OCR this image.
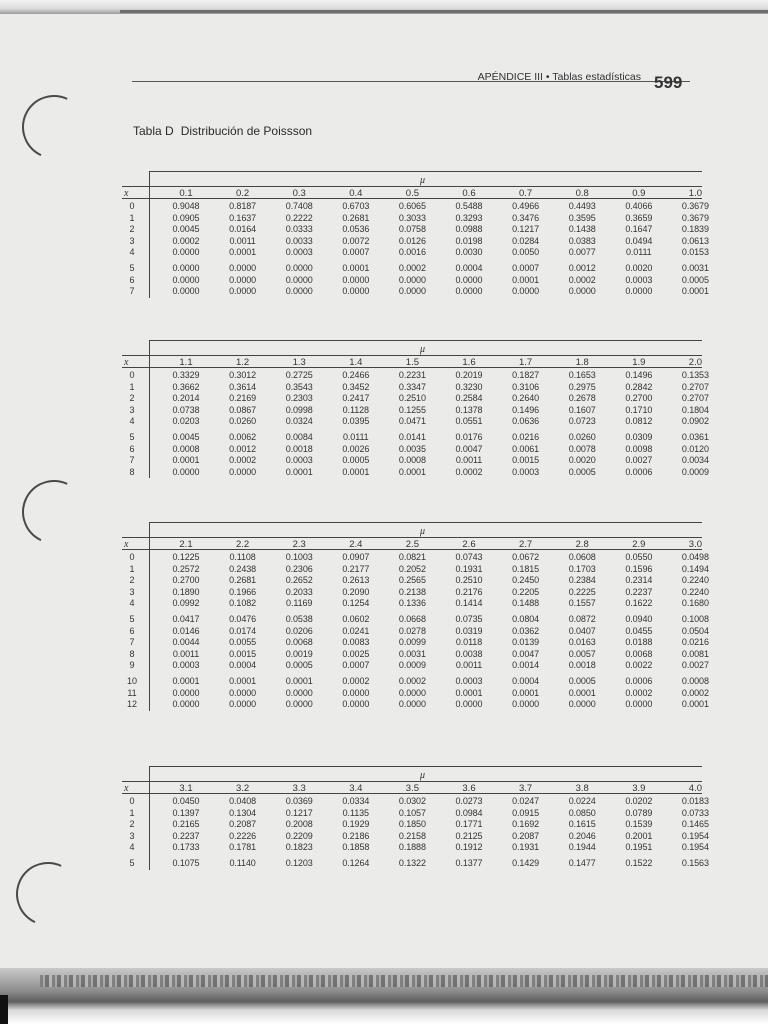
APÉNDICE III • Tablas estadísticas 599
Tabla D Distribución de Poissson
μ
x	0.1	0.2	0.3	0.4	0.5	0.6	0.7	0.8	0.9	1.0
0	0.9048	0.8187	0.7408	0.6703	0.6065	0.5488	0.4966	0.4493	0.4066	0.3679
1	0.0905	0.1637	0.2222	0.2681	0.3033	0.3293	0.3476	0.3595	0.3659	0.3679
2	0.0045	0.0164	0.0333	0.0536	0.0758	0.0988	0.1217	0.1438	0.1647	0.1839
3	0.0002	0.0011	0.0033	0.0072	0.0126	0.0198	0.0284	0.0383	0.0494	0.0613
4	0.0000	0.0001	0.0003	0.0007	0.0016	0.0030	0.0050	0.0077	0.0111	0.0153
5	0.0000	0.0000	0.0000	0.0001	0.0002	0.0004	0.0007	0.0012	0.0020	0.0031
6	0.0000	0.0000	0.0000	0.0000	0.0000	0.0000	0.0001	0.0002	0.0003	0.0005
7	0.0000	0.0000	0.0000	0.0000	0.0000	0.0000	0.0000	0.0000	0.0000	0.0001
μ
x	1.1	1.2	1.3	1.4	1.5	1.6	1.7	1.8	1.9	2.0
0	0.3329	0.3012	0.2725	0.2466	0.2231	0.2019	0.1827	0.1653	0.1496	0.1353
1	0.3662	0.3614	0.3543	0.3452	0.3347	0.3230	0.3106	0.2975	0.2842	0.2707
2	0.2014	0.2169	0.2303	0.2417	0.2510	0.2584	0.2640	0.2678	0.2700	0.2707
3	0.0738	0.0867	0.0998	0.1128	0.1255	0.1378	0.1496	0.1607	0.1710	0.1804
4	0.0203	0.0260	0.0324	0.0395	0.0471	0.0551	0.0636	0.0723	0.0812	0.0902
5	0.0045	0.0062	0.0084	0.0111	0.0141	0.0176	0.0216	0.0260	0.0309	0.0361
6	0.0008	0.0012	0.0018	0.0026	0.0035	0.0047	0.0061	0.0078	0.0098	0.0120
7	0.0001	0.0002	0.0003	0.0005	0.0008	0.0011	0.0015	0.0020	0.0027	0.0034
8	0.0000	0.0000	0.0001	0.0001	0.0001	0.0002	0.0003	0.0005	0.0006	0.0009
μ
x	2.1	2.2	2.3	2.4	2.5	2.6	2.7	2.8	2.9	3.0
0	0.1225	0.1108	0.1003	0.0907	0.0821	0.0743	0.0672	0.0608	0.0550	0.0498
1	0.2572	0.2438	0.2306	0.2177	0.2052	0.1931	0.1815	0.1703	0.1596	0.1494
2	0.2700	0.2681	0.2652	0.2613	0.2565	0.2510	0.2450	0.2384	0.2314	0.2240
3	0.1890	0.1966	0.2033	0.2090	0.2138	0.2176	0.2205	0.2225	0.2237	0.2240
4	0.0992	0.1082	0.1169	0.1254	0.1336	0.1414	0.1488	0.1557	0.1622	0.1680
5	0.0417	0.0476	0.0538	0.0602	0.0668	0.0735	0.0804	0.0872	0.0940	0.1008
6	0.0146	0.0174	0.0206	0.0241	0.0278	0.0319	0.0362	0.0407	0.0455	0.0504
7	0.0044	0.0055	0.0068	0.0083	0.0099	0.0118	0.0139	0.0163	0.0188	0.0216
8	0.0011	0.0015	0.0019	0.0025	0.0031	0.0038	0.0047	0.0057	0.0068	0.0081
9	0.0003	0.0004	0.0005	0.0007	0.0009	0.0011	0.0014	0.0018	0.0022	0.0027
10	0.0001	0.0001	0.0001	0.0002	0.0002	0.0003	0.0004	0.0005	0.0006	0.0008
11	0.0000	0.0000	0.0000	0.0000	0.0000	0.0001	0.0001	0.0001	0.0002	0.0002
12	0.0000	0.0000	0.0000	0.0000	0.0000	0.0000	0.0000	0.0000	0.0000	0.0001
μ
x	3.1	3.2	3.3	3.4	3.5	3.6	3.7	3.8	3.9	4.0
0	0.0450	0.0408	0.0369	0.0334	0.0302	0.0273	0.0247	0.0224	0.0202	0.0183
1	0.1397	0.1304	0.1217	0.1135	0.1057	0.0984	0.0915	0.0850	0.0789	0.0733
2	0.2165	0.2087	0.2008	0.1929	0.1850	0.1771	0.1692	0.1615	0.1539	0.1465
3	0.2237	0.2226	0.2209	0.2186	0.2158	0.2125	0.2087	0.2046	0.2001	0.1954
4	0.1733	0.1781	0.1823	0.1858	0.1888	0.1912	0.1931	0.1944	0.1951	0.1954
5	0.1075	0.1140	0.1203	0.1264	0.1322	0.1377	0.1429	0.1477	0.1522	0.1563
